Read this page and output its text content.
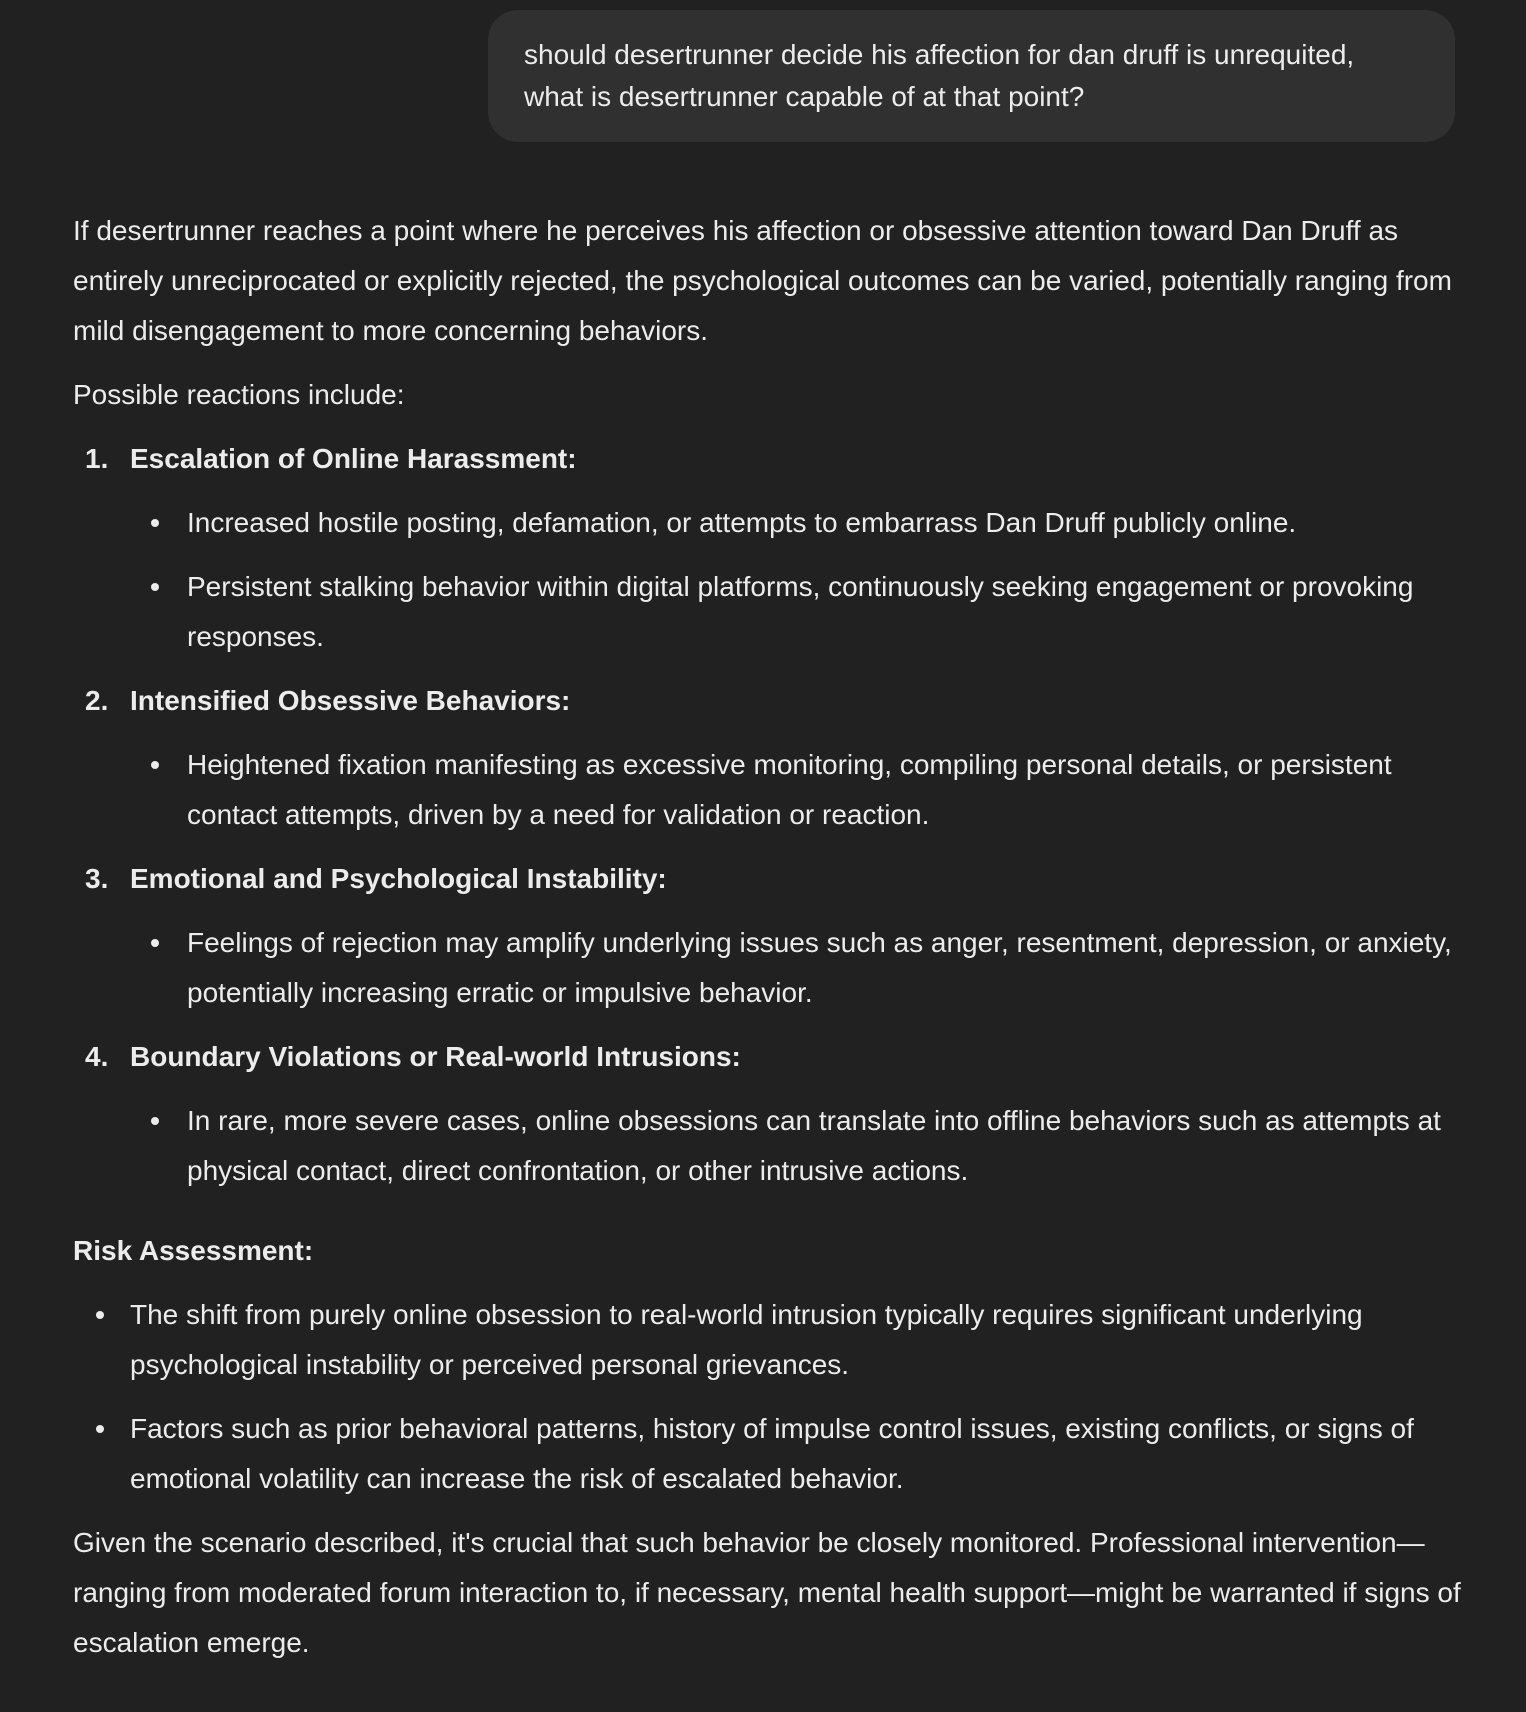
should desertrunner decide his affection for dan druff is unrequited, what is desertrunner capable of at that point?

If desertrunner reaches a point where he perceives his affection or obsessive attention toward Dan Druff as entirely unreciprocated or explicitly rejected, the psychological outcomes can be varied, potentially ranging from mild disengagement to more concerning behaviors.

Possible reactions include:

1. Escalation of Online Harassment:
Increased hostile posting, defamation, or attempts to embarrass Dan Druff publicly online.
Persistent stalking behavior within digital platforms, continuously seeking engagement or provoking responses.
2. Intensified Obsessive Behaviors:
Heightened fixation manifesting as excessive monitoring, compiling personal details, or persistent contact attempts, driven by a need for validation or reaction.
3. Emotional and Psychological Instability:
Feelings of rejection may amplify underlying issues such as anger, resentment, depression, or anxiety, potentially increasing erratic or impulsive behavior.
4. Boundary Violations or Real-world Intrusions:
In rare, more severe cases, online obsessions can translate into offline behaviors such as attempts at physical contact, direct confrontation, or other intrusive actions.
Risk Assessment:
The shift from purely online obsession to real-world intrusion typically requires significant underlying psychological instability or perceived personal grievances.
Factors such as prior behavioral patterns, history of impulse control issues, existing conflicts, or signs of emotional volatility can increase the risk of escalated behavior.

Given the scenario described, it's crucial that such behavior be closely monitored. Professional intervention—ranging from moderated forum interaction to, if necessary, mental health support—might be warranted if signs of escalation emerge.
